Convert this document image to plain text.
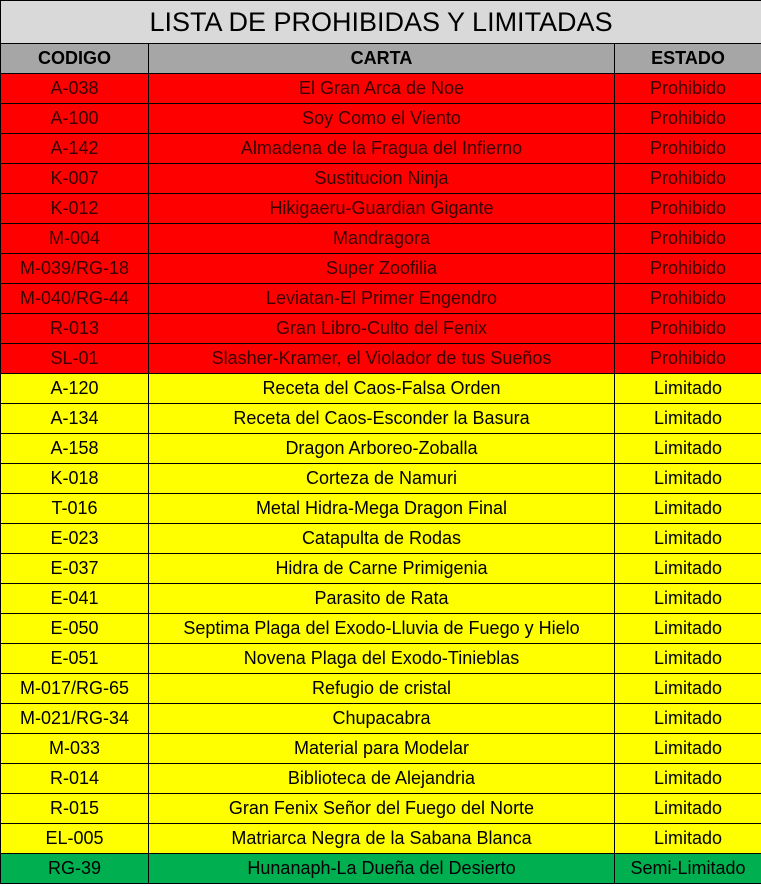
LISTA DE PROHIBIDAS Y LIMITADAS		
CODIGO	CARTA	ESTADO
A-038	El Gran Arca de Noe	Prohibido
A-100	Soy Como el Viento	Prohibido
A-142	Almadena de la Fragua del Infierno	Prohibido
K-007	Sustitucion Ninja	Prohibido
K-012	Hikigaeru-Guardian Gigante	Prohibido
M-004	Mandragora	Prohibido
M-039/RG-18	Super Zoofilia	Prohibido
M-040/RG-44	Leviatan-El Primer Engendro	Prohibido
R-013	Gran Libro-Culto del Fenix	Prohibido
SL-01	Slasher-Kramer, el Violador de tus Sueños	Prohibido
A-120	Receta del Caos-Falsa Orden	Limitado
A-134	Receta del Caos-Esconder la Basura	Limitado
A-158	Dragon Arboreo-Zoballa	Limitado
K-018	Corteza de Namuri	Limitado
T-016	Metal Hidra-Mega Dragon Final	Limitado
E-023	Catapulta de Rodas	Limitado
E-037	Hidra de Carne Primigenia	Limitado
E-041	Parasito de Rata	Limitado
E-050	Septima Plaga del Exodo-Lluvia de Fuego y Hielo	Limitado
E-051	Novena Plaga del Exodo-Tinieblas	Limitado
M-017/RG-65	Refugio de cristal	Limitado
M-021/RG-34	Chupacabra	Limitado
M-033	Material para Modelar	Limitado
R-014	Biblioteca de Alejandria	Limitado
R-015	Gran Fenix Señor del Fuego del Norte	Limitado
EL-005	Matriarca Negra de la Sabana Blanca	Limitado
RG-39	Hunanaph-La Dueña del Desierto	Semi-Limitado
